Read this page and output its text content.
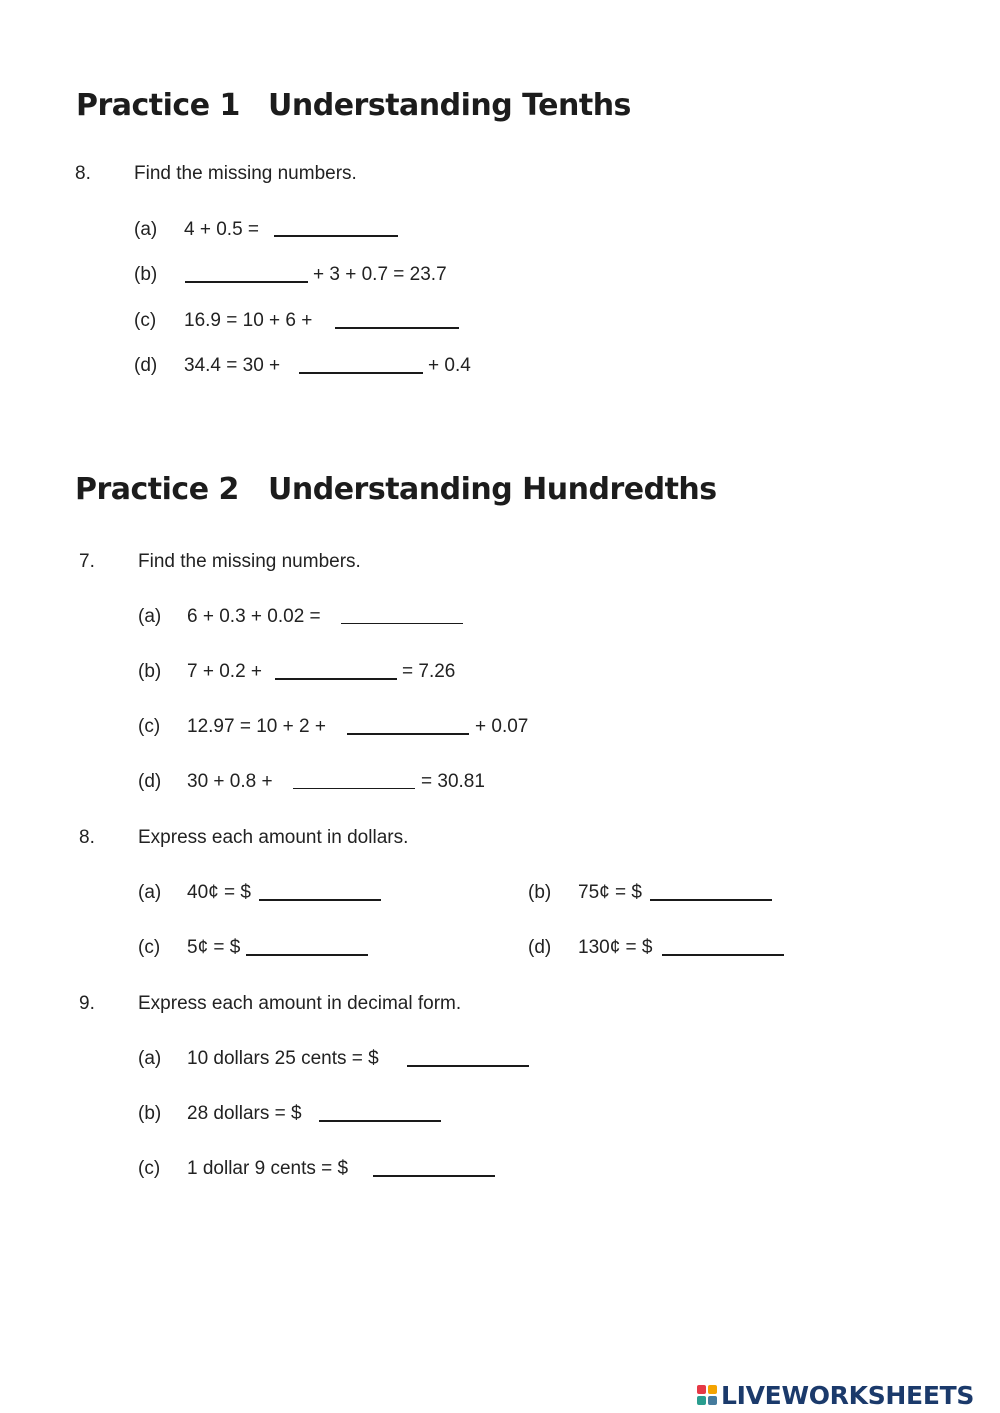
Practice 1 Understanding Tenths
8. Find the missing numbers.
(a) 4 + 0.5 =
(b)	+ 3 + 0.7 = 23.7
(c) 16.9 = 10 + 6 +
(d) 34.4 = 30 +	+ 0.4
Practice 2 Understanding Hundredths
7. Find the missing numbers.
(a) 6 + 0.3 + 0.02 =
(b) 7 + 0.2 +	= 7.26
(c) 12.97 = 10 + 2 +	+ 0.07
(d) 30 + 0.8 +	= 30.81
8. Express each amount in dollars.
(a) 40¢ = $	(b) 75¢ = $
(c) 5¢ = $	(d) 130¢ = $
9. Express each amount in decimal form.
(a) 10 dollars 25 cents = $
(b) 28 dollars = $
(c) 1 dollar 9 cents = $
LIVEWORKSHEETS
